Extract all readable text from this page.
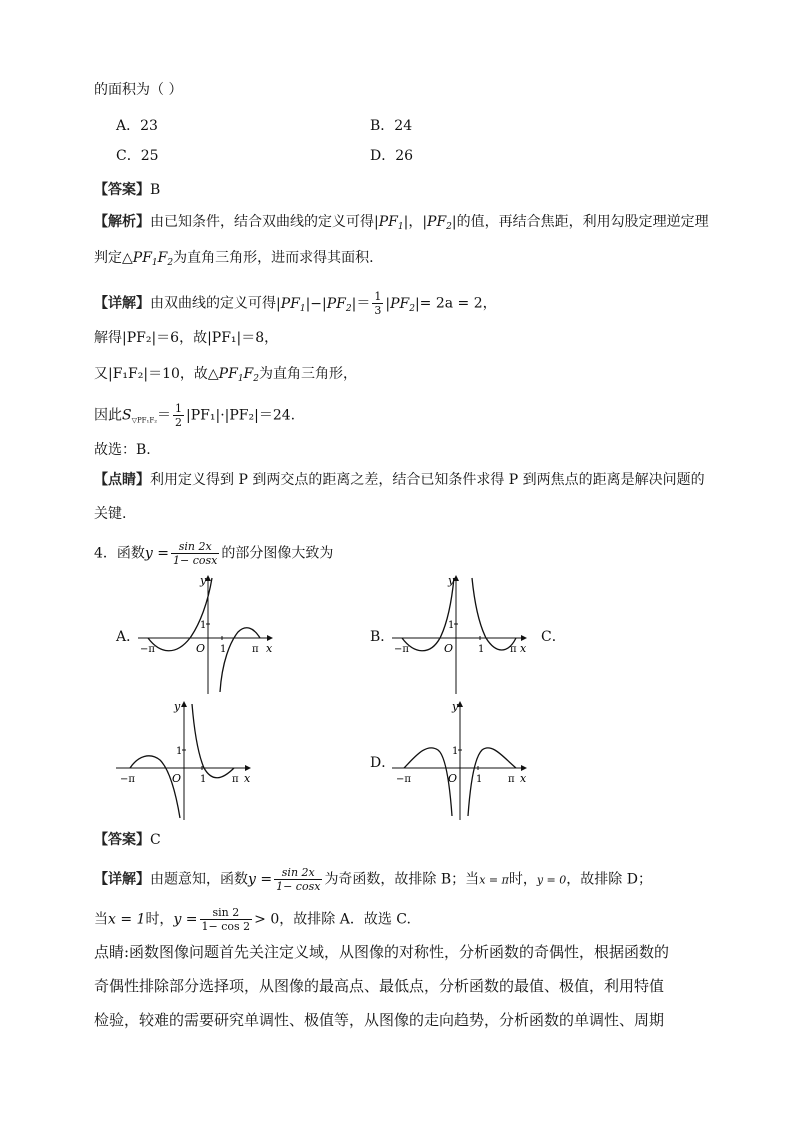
的面积为（ ）
A．23	B．24
C．25	D．26
【答案】B
【解析】由已知条件，结合双曲线的定义可得$|PF_1|$，$|PF_2|$的值，再结合焦距，利用勾股定理逆定理
判定$\triangle PF_1F_2$为直角三角形，进而求得其面积.
【详解】由双曲线的定义可得$|PF_1|-|PF_2|= \frac{1}{3} |PF_2|= 2a = 2$，
解得|PF₂|＝6，故|PF₁|＝8，
又|F₁F₂|＝10，故$\triangle PF_1F_2$为直角三角形，
因此$S_{▽PF_1F_2}= \frac{1}{2} |PF_1|\cdot|PF_2|=24$.
故选：B.
【点睛】利用定义得到 P 到两交点的距离之差，结合已知条件求得 P 到两焦点的距离是解决问题的
关键.
4．函数$y = \frac{\sin 2x}{1- \cos x}$ 的部分图像大致为
A．	B．	C．
D．
y
x
O
1
1	π
−π
y
x
O
1
1	π
−π
y
x
O
1
1	π
−π
y
x
O
1
1	π
−π
【答案】C
【详解】由题意知，函数$y = \frac{\sin 2x}{1- \cos x}$ 为奇函数，故排除 B；当x = π时，y = 0，故排除 D；
当x = 1时，$y = \frac{\sin 2}{1- \cos 2} > 0$，故排除 A．故选 C.
点睛:函数图像问题首先关注定义域，从图像的对称性，分析函数的奇偶性，根据函数的
奇偶性排除部分选择项，从图像的最高点、最低点，分析函数的最值、极值，利用特值
检验，较难的需要研究单调性、极值等，从图像的走向趋势，分析函数的单调性、周期
